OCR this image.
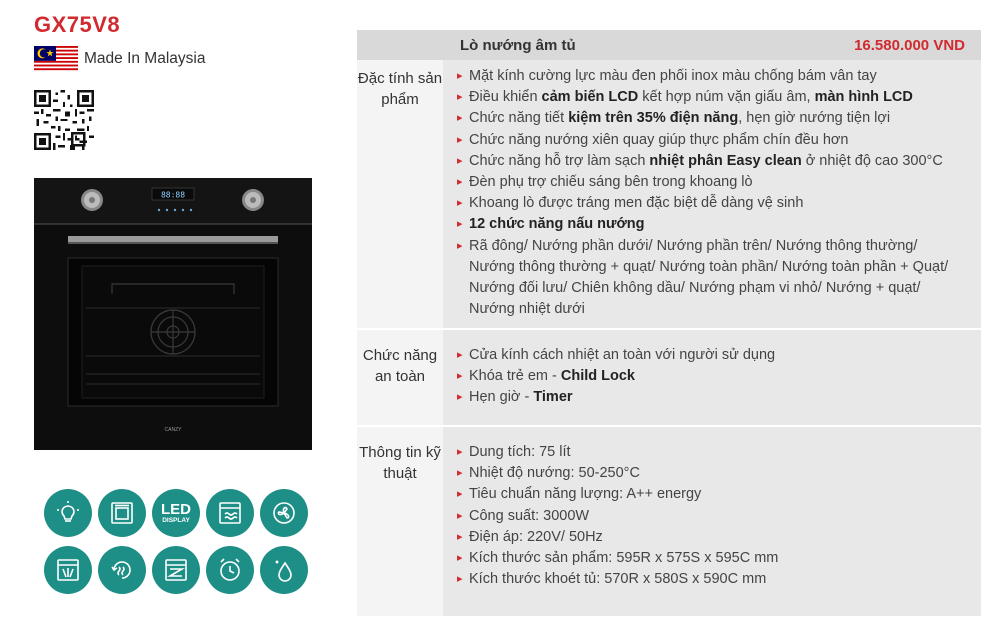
GX75V8
Made In Malaysia
88:88
CANZY
LED
DISPLAY
Lò nướng âm tủ	16.580.000 VND
Đặc tính sản phẩm
▸ Mặt kính cường lực màu đen phối inox màu chống bám vân tay
▸ Điều khiển cảm biến LCD kết hợp núm vặn giấu âm, màn hình LCD
▸ Chức năng tiết kiệm trên 35% điện năng, hẹn giờ nướng tiện lợi
▸ Chức năng nướng xiên quay giúp thực phẩm chín đều hơn
▸ Chức năng hỗ trợ làm sạch nhiệt phân Easy clean ở nhiệt độ cao 300°C
▸ Đèn phụ trợ chiếu sáng bên trong khoang lò
▸ Khoang lò được tráng men đặc biệt dễ dàng vệ sinh
▸ 12 chức năng nấu nướng
▸ Rã đông/ Nướng phần dưới/ Nướng phần trên/ Nướng thông thường/ Nướng thông thường + quạt/ Nướng toàn phần/ Nướng toàn phần + Quạt/ Nướng đối lưu/ Chiên không dầu/ Nướng phạm vi nhỏ/ Nướng + quạt/ Nướng nhiệt dưới
Chức năng an toàn
▸ Cửa kính cách nhiệt an toàn với người sử dụng
▸ Khóa trẻ em - Child Lock
▸ Hẹn giờ - Timer
Thông tin kỹ thuật
▸ Dung tích: 75 lít
▸ Nhiệt độ nướng: 50-250°C
▸ Tiêu chuẩn năng lượng: A++ energy
▸ Công suất: 3000W
▸ Điện áp: 220V/ 50Hz
▸ Kích thước sản phẩm: 595R x 575S x 595C mm
▸ Kích thước khoét tủ: 570R x 580S x 590C mm
